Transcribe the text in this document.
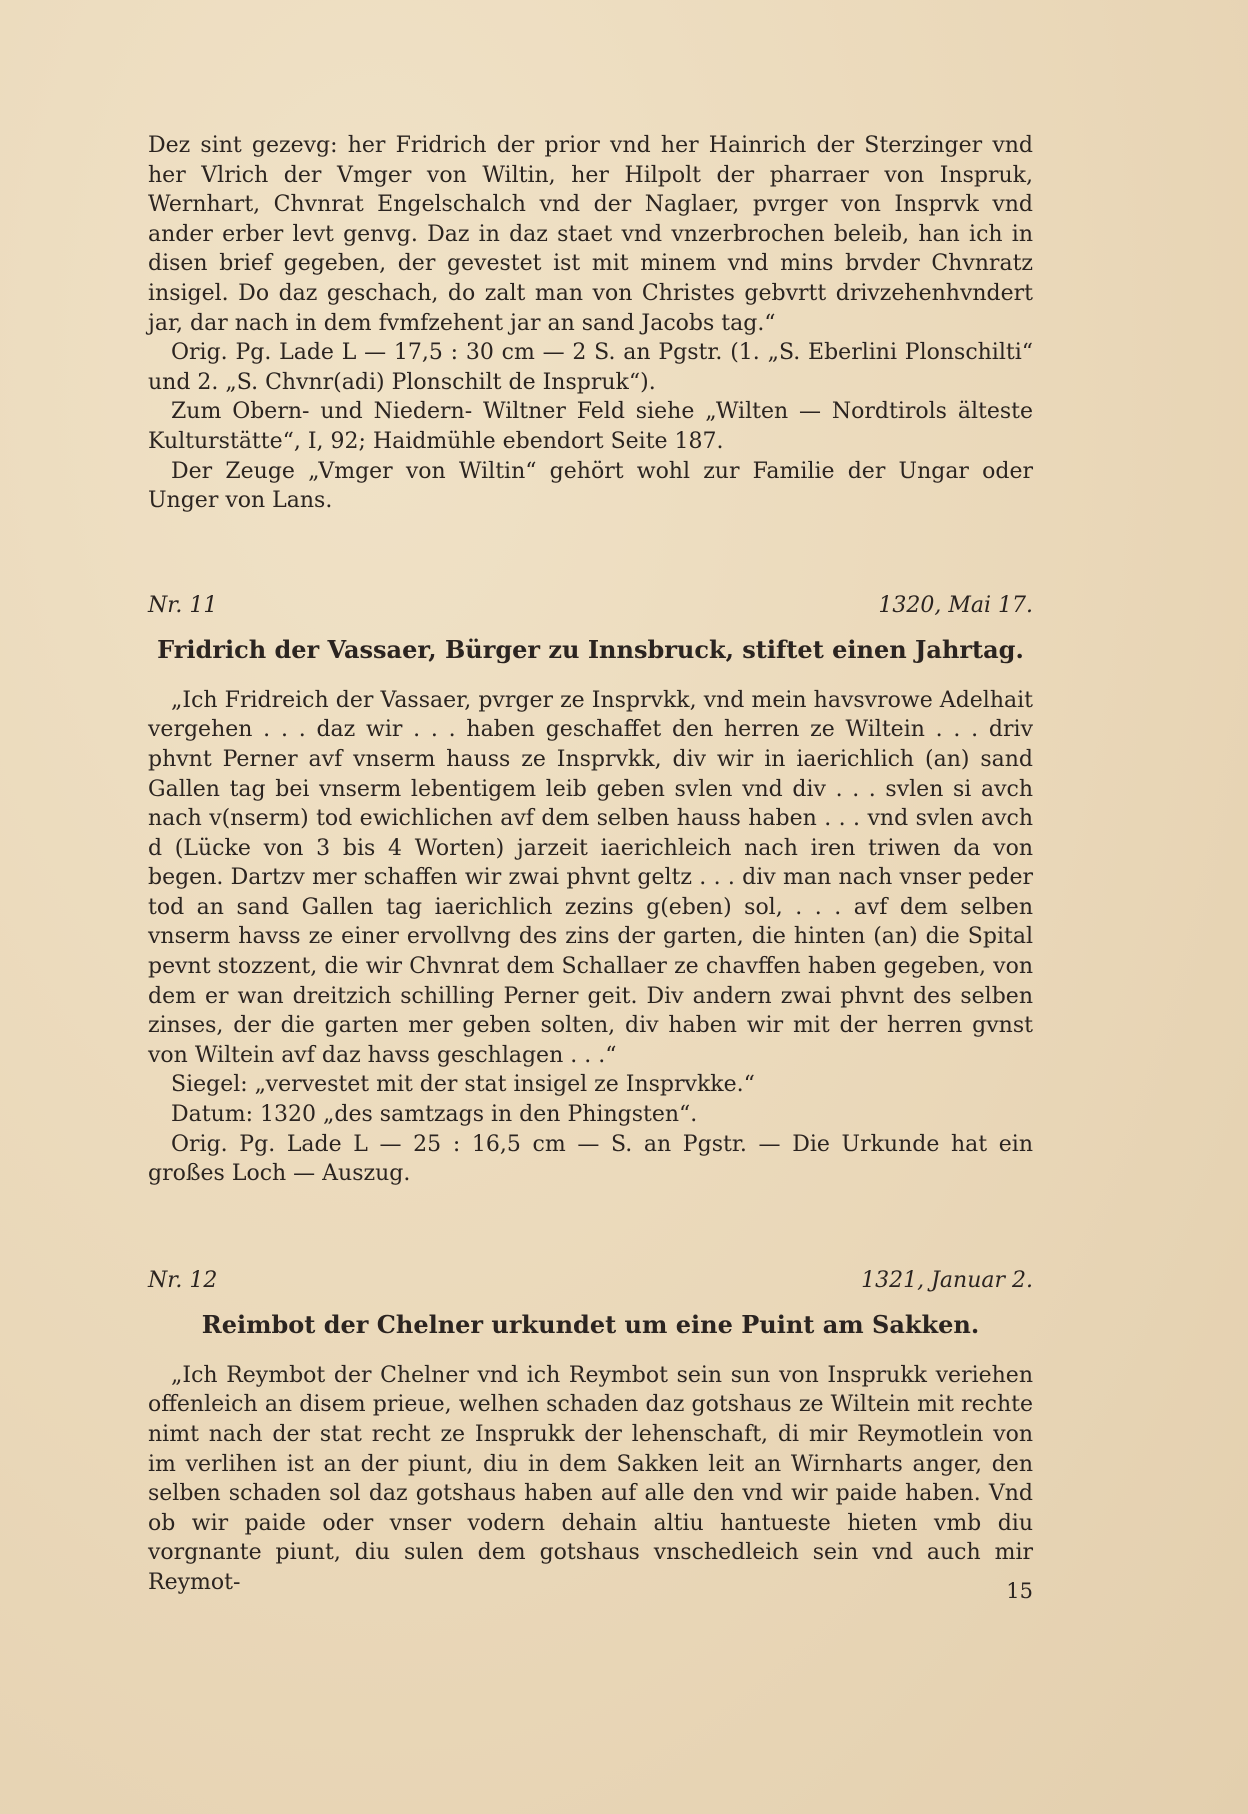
Dez sint gezevg: her Fridrich der prior vnd her Hainrich der Sterzinger vnd her Vlrich der Vmger von Wiltin, her Hilpolt der pharraer von Inspruk, Wernhart, Chvnrat Engelschalch vnd der Naglaer, pvrger von Insprvk vnd ander erber levt genvg. Daz in daz staet vnd vnzerbrochen beleib, han ich in disen brief gegeben, der gevestet ist mit minem vnd mins brvder Chvnratz insigel. Do daz geschach, do zalt man von Christes gebvrtt drivzehenhvndert jar, dar nach in dem fvmfzehent jar an sand Jacobs tag.“

Orig. Pg. Lade L — 17,5 : 30 cm — 2 S. an Pgstr. (1. „S. Eberlini Plonschilti“ und 2. „S. Chvnr(adi) Plonschilt de Inspruk“).

Zum Obern- und Niedern- Wiltner Feld siehe „Wilten — Nordtirols älteste Kulturstätte“, I, 92; Haidmühle ebendort Seite 187.

Der Zeuge „Vmger von Wiltin“ gehört wohl zur Familie der Ungar oder Unger von Lans.

Nr. 11	1320, Mai 17.
Fridrich der Vassaer, Bürger zu Innsbruck, stiftet einen Jahrtag.

„Ich Fridreich der Vassaer, pvrger ze Insprvkk, vnd mein havsvrowe Adelhait vergehen . . . daz wir . . . haben geschaffet den herren ze Wiltein . . . driv phvnt Perner avf vnserm hauss ze Insprvkk, div wir in iaerichlich (an) sand Gallen tag bei vnserm lebentigem leib geben svlen vnd div . . . svlen si avch nach v(nserm) tod ewichlichen avf dem selben hauss haben . . . vnd svlen avch d (Lücke von 3 bis 4 Worten) jarzeit iaerichleich nach iren triwen da von begen. Dartzv mer schaffen wir zwai phvnt geltz . . . div man nach vnser peder tod an sand Gallen tag iaerichlich zezins g(eben) sol, . . . avf dem selben vnserm havss ze einer ervollvng des zins der garten, die hinten (an) die Spital pevnt stozzent, die wir Chvnrat dem Schallaer ze chavffen haben gegeben, von dem er wan dreitzich schilling Perner geit. Div andern zwai phvnt des selben zinses, der die garten mer geben solten, div haben wir mit der herren gvnst von Wiltein avf daz havss geschlagen . . .“

Siegel: „vervestet mit der stat insigel ze Insprvkke.“

Datum: 1320 „des samtzags in den Phingsten“.

Orig. Pg. Lade L — 25 : 16,5 cm — S. an Pgstr. — Die Urkunde hat ein großes Loch — Auszug.

Nr. 12	1321, Januar 2.
Reimbot der Chelner urkundet um eine Puint am Sakken.

„Ich Reymbot der Chelner vnd ich Reymbot sein sun von Insprukk veriehen offenleich an disem prieue, welhen schaden daz gotshaus ze Wiltein mit rechte nimt nach der stat recht ze Insprukk der lehenschaft, di mir Reymotlein von im verlihen ist an der piunt, diu in dem Sakken leit an Wirnharts anger, den selben schaden sol daz gotshaus haben auf alle den vnd wir paide haben. Vnd ob wir paide oder vnser vodern dehain altiu hantueste hieten vmb diu vorgnante piunt, diu sulen dem gotshaus vnschedleich sein vnd auch mir Reymot-	15
